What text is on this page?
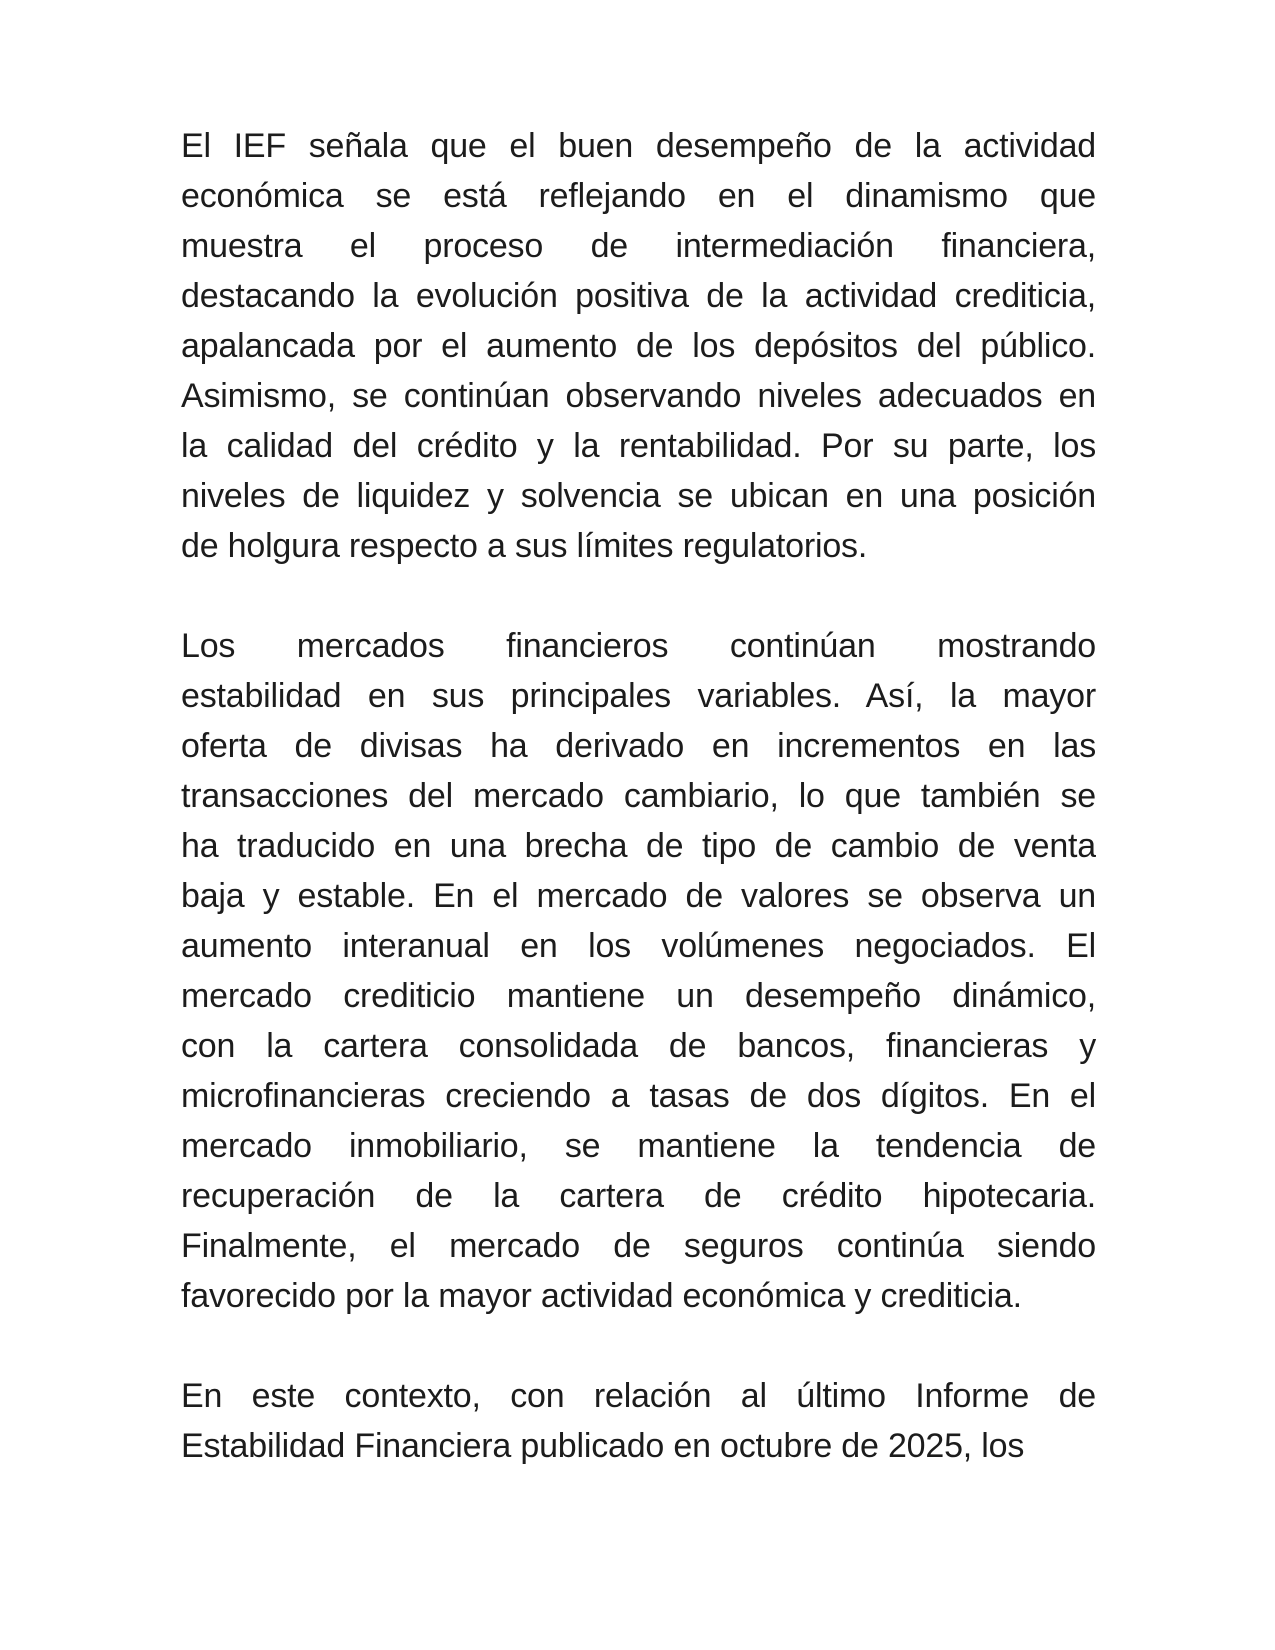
El IEF señala que el buen desempeño de la actividad
económica se está reflejando en el dinamismo que
muestra el proceso de intermediación financiera,
destacando la evolución positiva de la actividad crediticia,
apalancada por el aumento de los depósitos del público.
Asimismo, se continúan observando niveles adecuados en
la calidad del crédito y la rentabilidad. Por su parte, los
niveles de liquidez y solvencia se ubican en una posición
de holgura respecto a sus límites regulatorios.
Los mercados financieros continúan mostrando
estabilidad en sus principales variables. Así, la mayor
oferta de divisas ha derivado en incrementos en las
transacciones del mercado cambiario, lo que también se
ha traducido en una brecha de tipo de cambio de venta
baja y estable. En el mercado de valores se observa un
aumento interanual en los volúmenes negociados. El
mercado crediticio mantiene un desempeño dinámico,
con la cartera consolidada de bancos, financieras y
microfinancieras creciendo a tasas de dos dígitos. En el
mercado inmobiliario, se mantiene la tendencia de
recuperación de la cartera de crédito hipotecaria.
Finalmente, el mercado de seguros continúa siendo
favorecido por la mayor actividad económica y crediticia.
En este contexto, con relación al último Informe de
Estabilidad Financiera publicado en octubre de 2025, los
